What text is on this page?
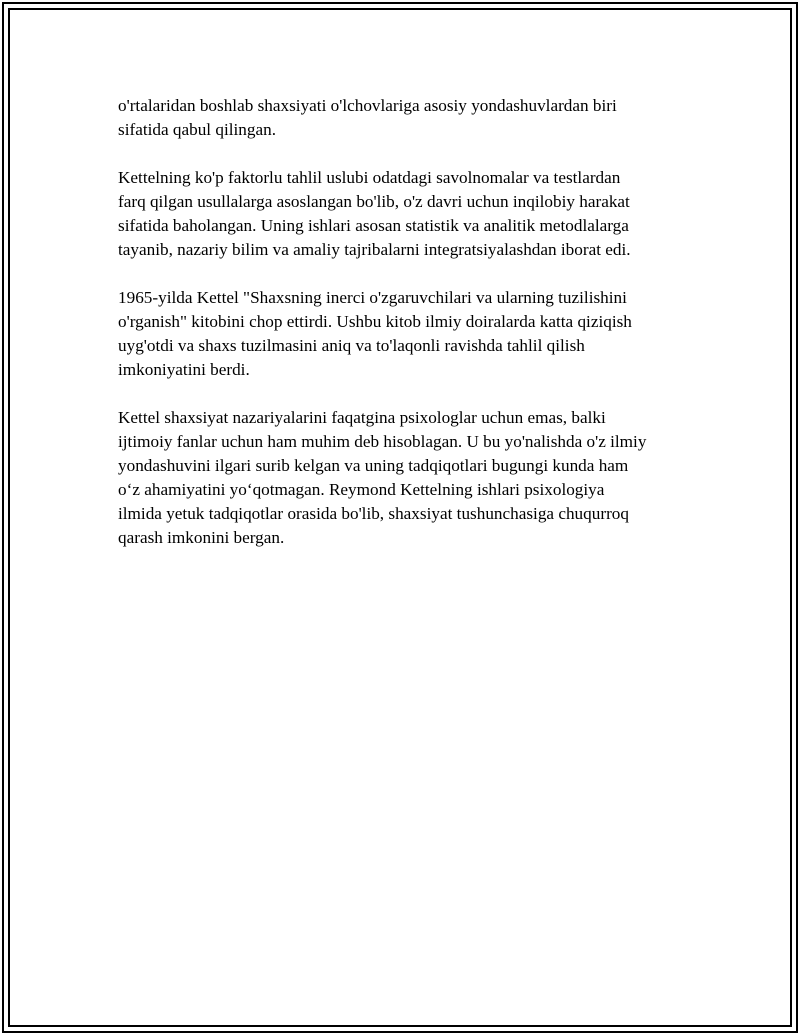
o'rtalaridan boshlab shaxsiyati o'lchovlariga asosiy yondashuvlardan biri
sifatida qabul qilingan.

Kettelning ko'p faktorlu tahlil uslubi odatdagi savolnomalar va testlardan
farq qilgan usullalarga asoslangan bo'lib, o'z davri uchun inqilobiy harakat
sifatida baholangan. Uning ishlari asosan statistik va analitik metodlalarga
tayanib, nazariy bilim va amaliy tajribalarni integratsiyalashdan iborat edi.

1965-yilda Kettel "Shaxsning inerci o'zgaruvchilari va ularning tuzilishini
o'rganish" kitobini chop ettirdi. Ushbu kitob ilmiy doiralarda katta qiziqish
uyg'otdi va shaxs tuzilmasini aniq va to'laqonli ravishda tahlil qilish
imkoniyatini berdi.

Kettel shaxsiyat nazariyalarini faqatgina psixologlar uchun emas, balki
ijtimoiy fanlar uchun ham muhim deb hisoblagan. U bu yo'nalishda o'z ilmiy
yondashuvini ilgari surib kelgan va uning tadqiqotlari bugungi kunda ham
o‘z ahamiyatini yo‘qotmagan. Reymond Kettelning ishlari psixologiya
ilmida yetuk tadqiqotlar orasida bo'lib, shaxsiyat tushunchasiga chuqurroq
qarash imkonini bergan.
